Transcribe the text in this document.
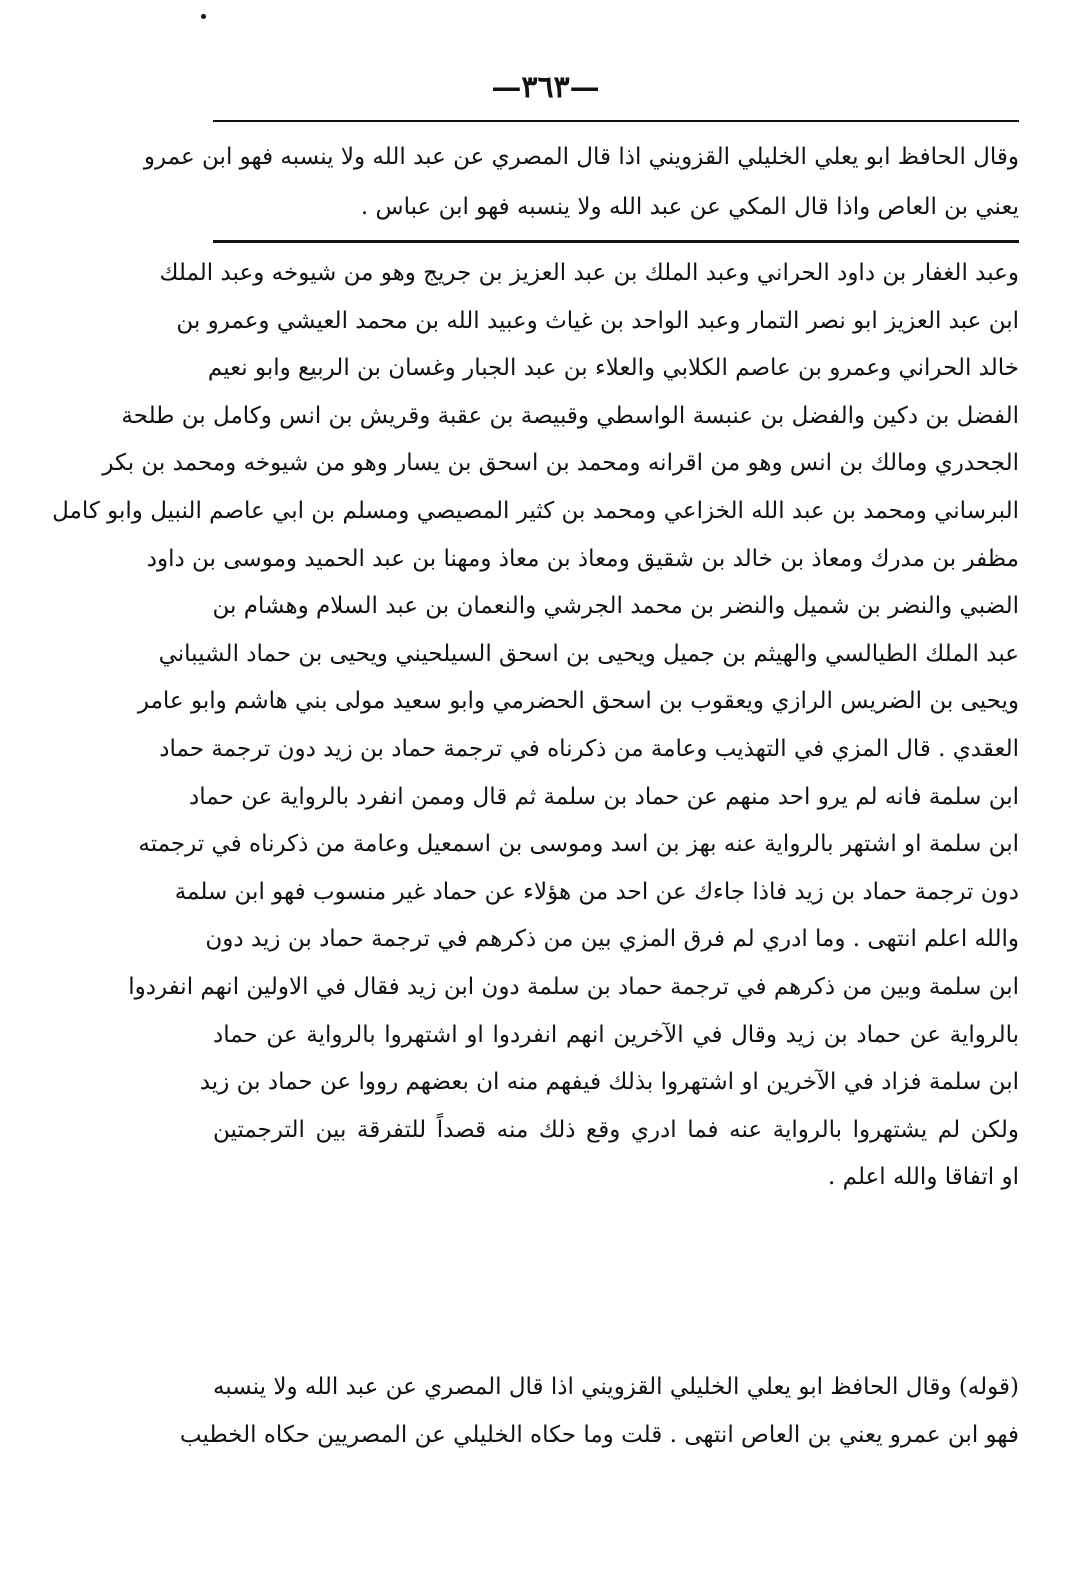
—٣٦٣—
وقال الحافظ ابو يعلي الخليلي القزويني اذا قال المصري عن عبد الله ولا ينسبه فهو ابن عمرو
يعني بن العاص واذا قال المكي عن عبد الله ولا ينسبه فهو ابن عباس .
وعبد الغفار بن داود الحراني وعبد الملك بن عبد العزيز بن جريج وهو من شيوخه وعبد الملك
ابن عبد العزيز ابو نصر التمار وعبد الواحد بن غياث وعبيد الله بن محمد العيشي وعمرو بن
خالد الحراني وعمرو بن عاصم الكلابي والعلاء بن عبد الجبار وغسان بن الربيع وابو نعيم
الفضل بن دكين والفضل بن عنبسة الواسطي وقبيصة بن عقبة وقريش بن انس وكامل بن طلحة
الجحدري ومالك بن انس وهو من اقرانه ومحمد بن اسحق بن يسار وهو من شيوخه ومحمد بن بكر
البرساني ومحمد بن عبد الله الخزاعي ومحمد بن كثير المصيصي ومسلم بن ابي عاصم النبيل وابو كامل
مظفر بن مدرك ومعاذ بن خالد بن شقيق ومعاذ بن معاذ ومهنا بن عبد الحميد وموسى بن داود
الضبي والنضر بن شميل والنضر بن محمد الجرشي والنعمان بن عبد السلام وهشام بن
عبد الملك الطيالسي والهيثم بن جميل ويحيى بن اسحق السيلحيني ويحيى بن حماد الشيباني
ويحيى بن الضريس الرازي ويعقوب بن اسحق الحضرمي وابو سعيد مولى بني هاشم وابو عامر
العقدي . قال المزي في التهذيب وعامة من ذكرناه في ترجمة حماد بن زيد دون ترجمة حماد
ابن سلمة فانه لم يرو احد منهم عن حماد بن سلمة ثم قال وممن انفرد بالرواية عن حماد
ابن سلمة او اشتهر بالرواية عنه بهز بن اسد وموسى بن اسمعيل وعامة من ذكرناه في ترجمته
دون ترجمة حماد بن زيد فاذا جاءك عن احد من هؤلاء عن حماد غير منسوب فهو ابن سلمة
والله اعلم انتهى . وما ادري لم فرق المزي بين من ذكرهم في ترجمة حماد بن زيد دون
ابن سلمة وبين من ذكرهم في ترجمة حماد بن سلمة دون ابن زيد فقال في الاولين انهم انفردوا
بالرواية عن حماد بن زيد وقال في الآخرين انهم انفردوا او اشتهروا بالرواية عن حماد
ابن سلمة فزاد في الآخرين او اشتهروا بذلك فيفهم منه ان بعضهم رووا عن حماد بن زيد
ولكن لم يشتهروا بالرواية عنه فما ادري وقع ذلك منه قصداً للتفرقة بين الترجمتين
او اتفاقا والله اعلم .
(قوله) وقال الحافظ ابو يعلي الخليلي القزويني اذا قال المصري عن عبد الله ولا ينسبه
فهو ابن عمرو يعني بن العاص انتهى . قلت وما حكاه الخليلي عن المصريين حكاه الخطيب
